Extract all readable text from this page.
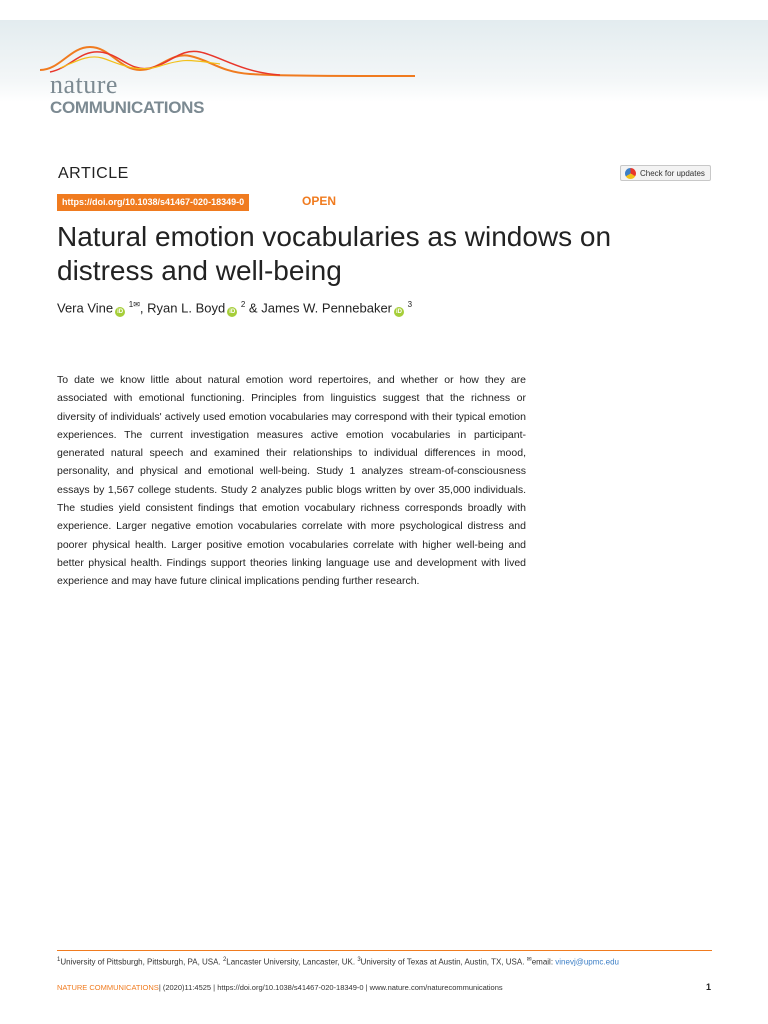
nature
COMMUNICATIONS
ARTICLE	Check for updates
https://doi.org/10.1038/s41467-020-18349-0	OPEN
Natural emotion vocabularies as windows on
distress and well-being
Vera Vine iD $^{1✉}$, Ryan L. Boyd iD $^2$ & James W. Pennebaker iD $^3$

To date we know little about natural emotion word repertoires, and whether or how they are associated with emotional functioning. Principles from linguistics suggest that the richness or diversity of individuals' actively used emotion vocabularies may correspond with their typical emotion experiences. The current investigation measures active emotion vocabularies in participant-generated natural speech and examined their relationships to individual differences in mood, personality, and physical and emotional well-being. Study 1 analyzes stream-of-consciousness essays by 1,567 college students. Study 2 analyzes public blogs written by over 35,000 individuals. The studies yield consistent findings that emotion vocabulary richness corresponds broadly with experience. Larger negative emotion vocabularies correlate with more psychological distress and poorer physical health. Larger positive emotion vocabularies correlate with higher well-being and better physical health. Findings support theories linking language use and development with lived experience and may have future clinical implications pending further research.

$^1$University of Pittsburgh, Pittsburgh, PA, USA. $^2$Lancaster University, Lancaster, UK. $^3$University of Texas at Austin, Austin, TX, USA. ✉email: vinevj@upmc.edu
NATURE COMMUNICATIONS| (2020)11:4525 | https://doi.org/10.1038/s41467-020-18349-0 | www.nature.com/naturecommunications	1
